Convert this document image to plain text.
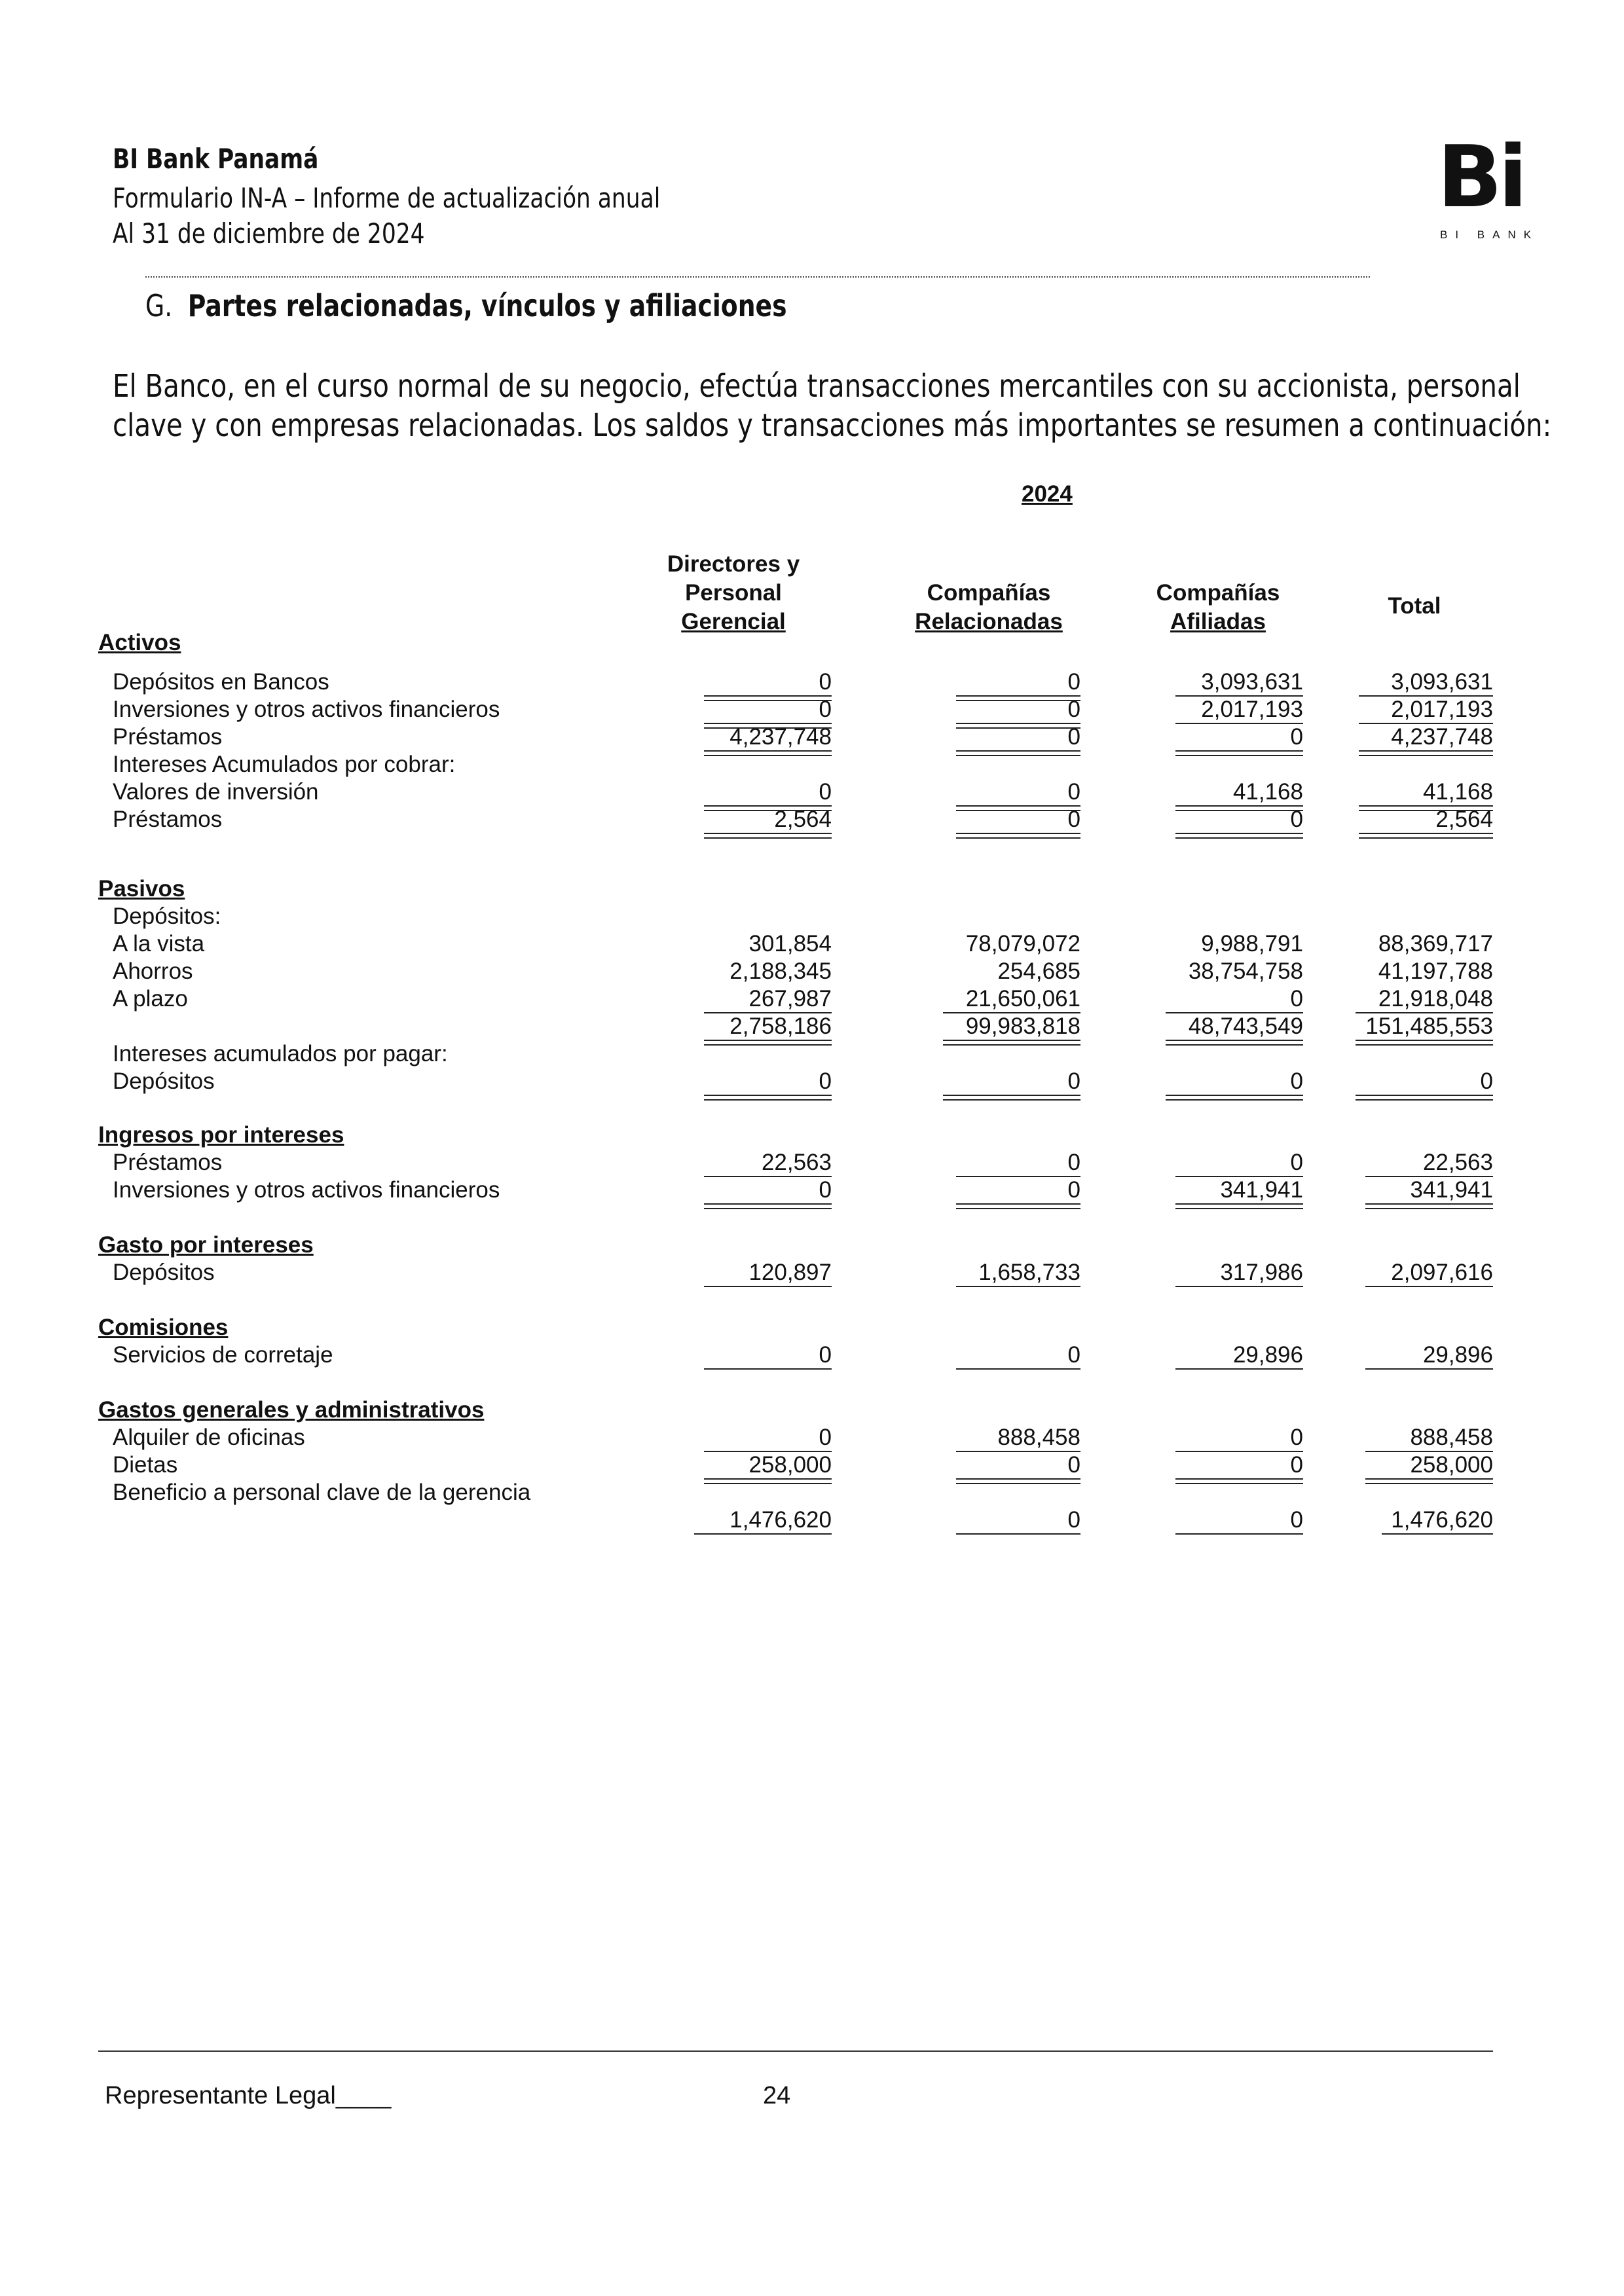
BI Bank Panamá
Formulario IN-A – Informe de actualización anual
Al 31 de diciembre de 2024
Bi
BI BANK
G. Partes relacionadas, vínculos y afiliaciones
El Banco, en el curso normal de su negocio, efectúa transacciones mercantiles con su accionista, personal
clave y con empresas relacionadas. Los saldos y transacciones más importantes se resumen a continuación:
2024
Directores y
Personal
Gerencial
Compañías
Relacionadas
Compañías
Afiliadas
Total
Activos
Depósitos en Bancos	0	0	3,093,631	3,093,631
Inversiones y otros activos financieros	0	0	2,017,193	2,017,193
Préstamos	4,237,748	0	0	4,237,748
Intereses Acumulados por cobrar:
Valores de inversión	0	0	41,168	41,168
Préstamos	2,564	0	0	2,564
Pasivos
Depósitos:
A la vista	301,854	78,079,072	9,988,791	88,369,717
Ahorros	2,188,345	254,685	38,754,758	41,197,788
A plazo	267,987	21,650,061	0	21,918,048
2,758,186	99,983,818	48,743,549	151,485,553
Intereses acumulados por pagar:
Depósitos	0	0	0	0
Ingresos por intereses
Préstamos	22,563	0	0	22,563
Inversiones y otros activos financieros	0	0	341,941	341,941
Gasto por intereses
Depósitos	120,897	1,658,733	317,986	2,097,616
Comisiones
Servicios de corretaje	0	0	29,896	29,896
Gastos generales y administrativos
Alquiler de oficinas	0	888,458	0	888,458
Dietas	258,000	0	0	258,000
Beneficio a personal clave de la gerencia
1,476,620	0	0	1,476,620
Representante Legal____	24
